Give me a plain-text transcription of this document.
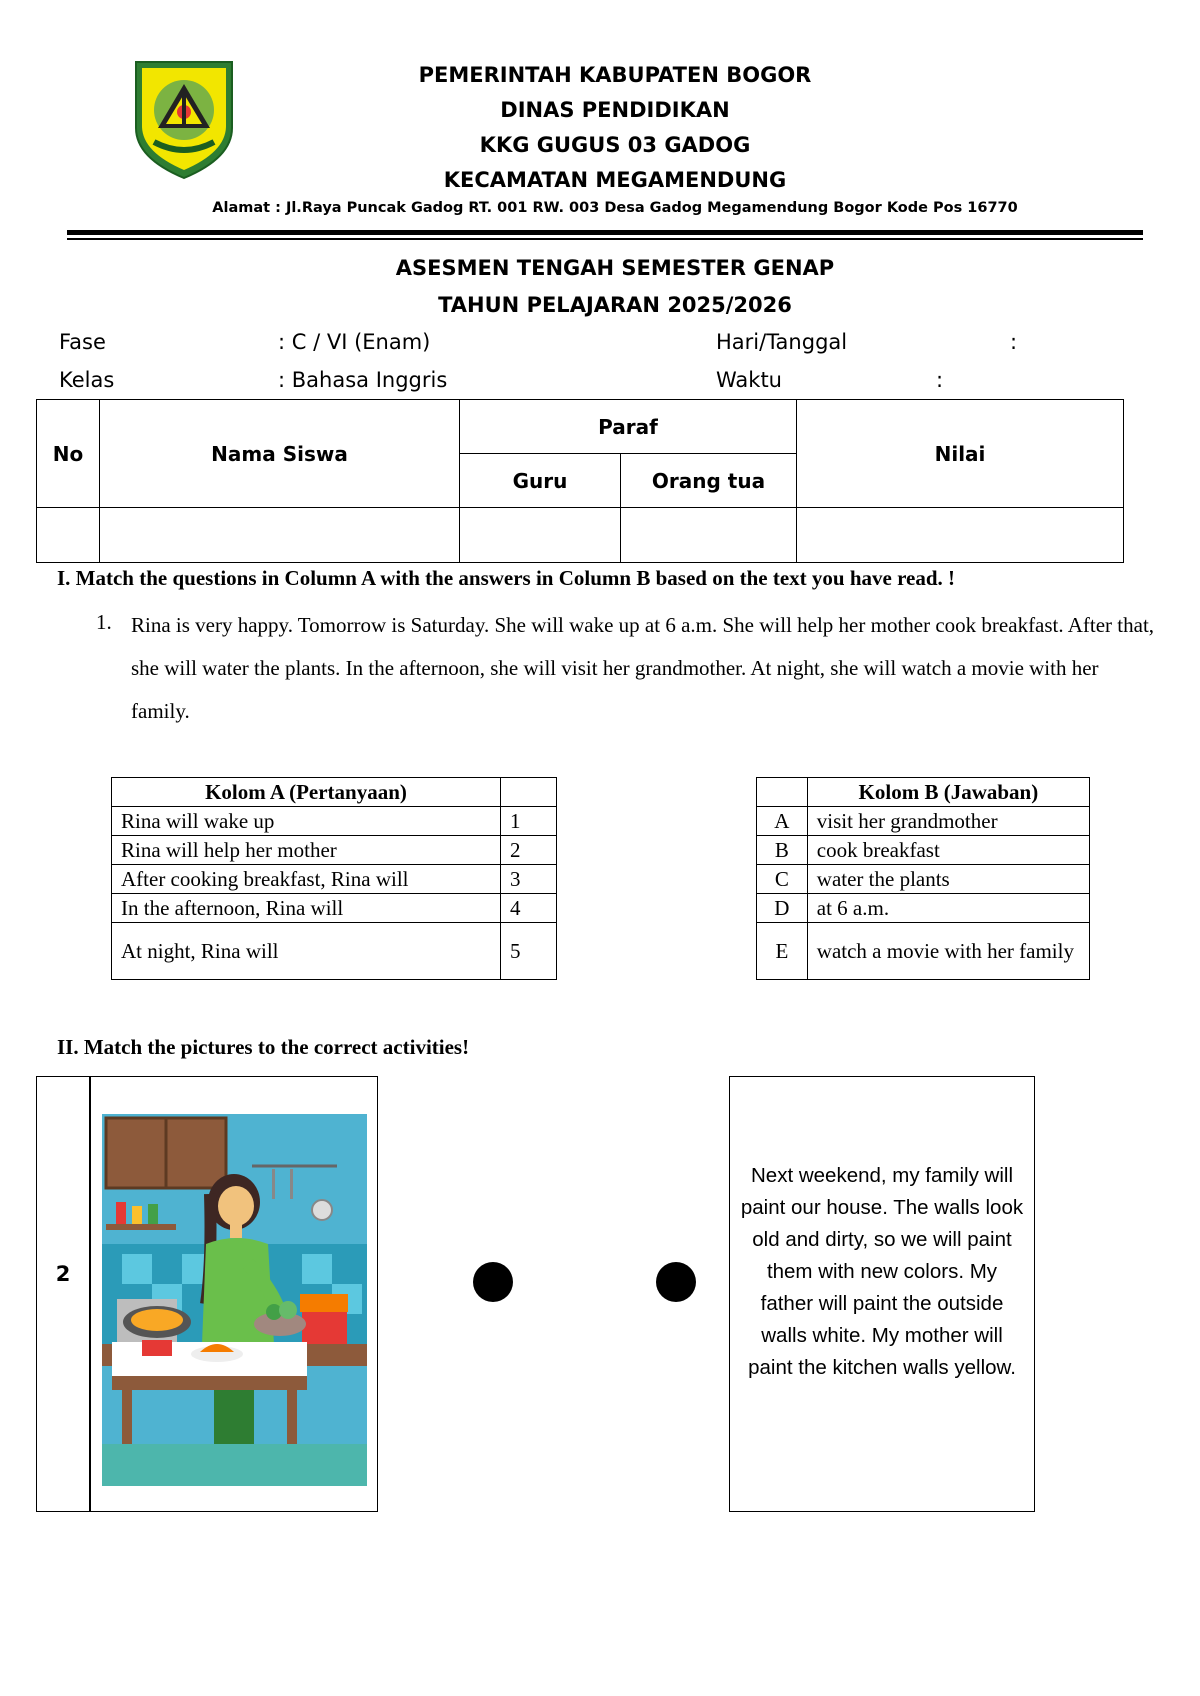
PEMERINTAH KABUPATEN BOGOR
DINAS PENDIDIKAN
KKG GUGUS 03 GADOG
KECAMATAN MEGAMENDUNG
Alamat : Jl.Raya Puncak Gadog RT. 001 RW. 003 Desa Gadog Megamendung Bogor Kode Pos 16770
ASESMEN TENGAH SEMESTER GENAP
TAHUN PELAJARAN 2025/2026
Fase	: C / VI (Enam)	Hari/Tanggal	:
Kelas	: Bahasa Inggris	Waktu	:
No	Nama Siswa	Paraf		Nilai
		Guru	Orang tua	

I. Match the questions in Column A with the answers in Column B based on the text you have read. !
1. Rina is very happy. Tomorrow is Saturday. She will wake up at 6 a.m. She will help her mother cook breakfast. After that, she will water the plants. In the afternoon, she will visit her grandmother. At night, she will watch a movie with her family.
Kolom A (Pertanyaan)	
Rina will wake up	1
Rina will help her mother	2
After cooking breakfast, Rina will	3
In the afternoon, Rina will	4
At night, Rina will	5
	Kolom B (Jawaban)
A	visit her grandmother
B	cook breakfast
C	water the plants
D	at 6 a.m.
E	watch a movie with her family
II. Match the pictures to the correct activities!
2
Next weekend, my family will paint our house. The walls look old and dirty, so we will paint them with new colors. My father will paint the outside walls white. My mother will paint the kitchen walls yellow.
